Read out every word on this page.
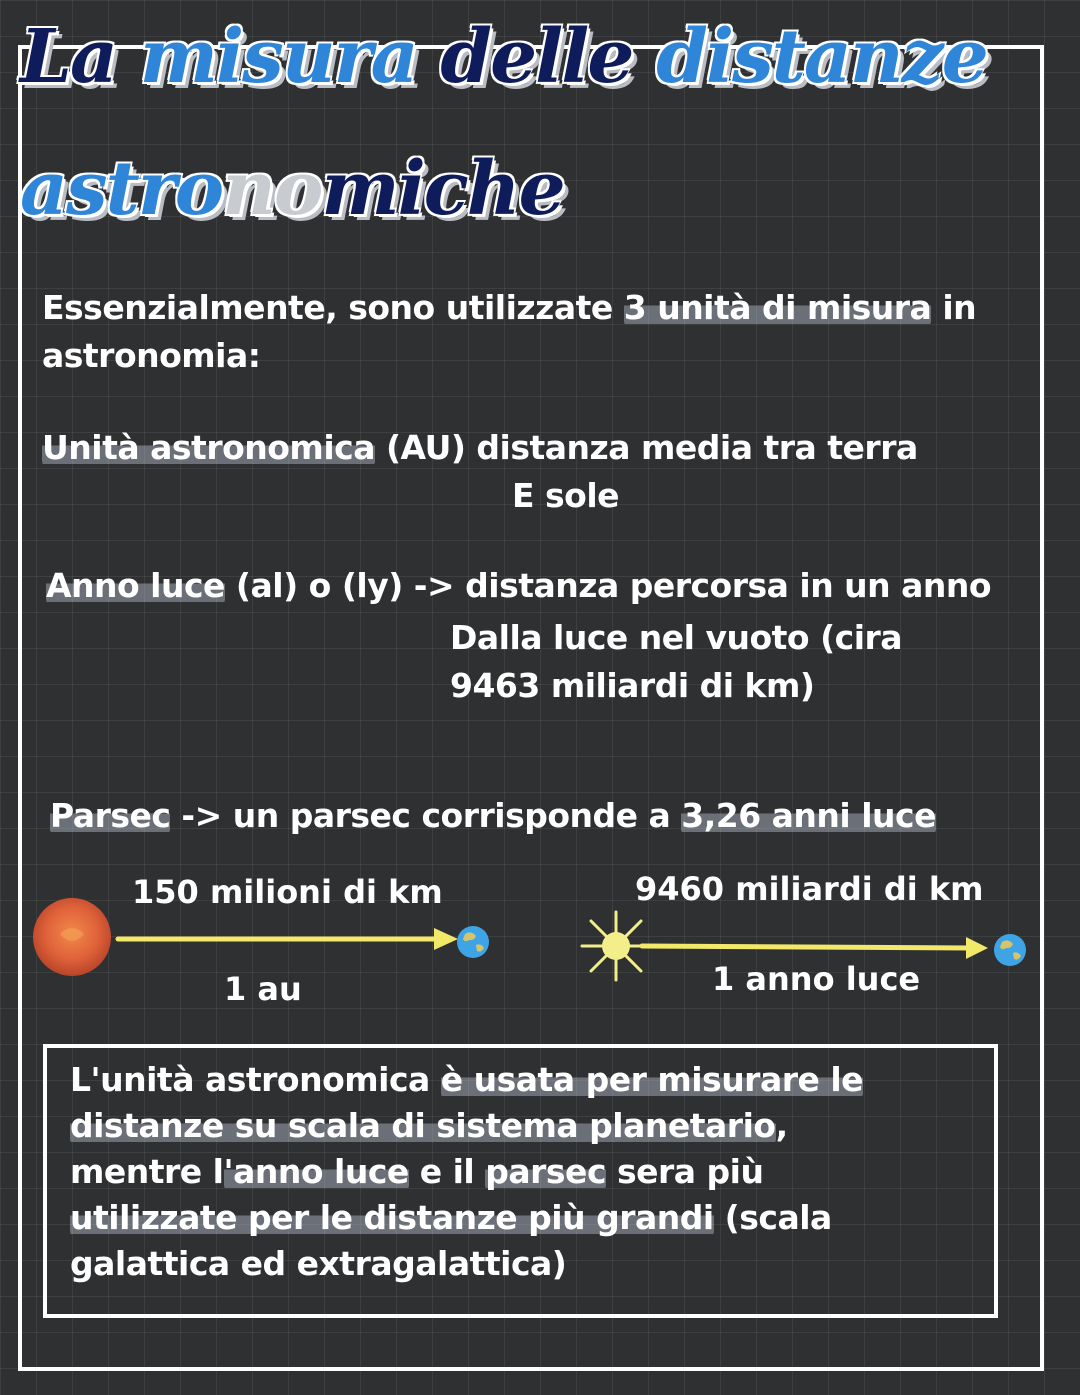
La misura delle distanze
astronomiche

Essenzialmente, sono utilizzate 3 unità di misura in

astronomia:

Unità astronomica (AU) distanza media tra terra

E sole

Anno luce (al) o (ly) -> distanza percorsa in un anno

Dalla luce nel vuoto (cira

9463 miliardi di km)

Parsec -> un parsec corrisponde a 3,26 anni luce

150 milioni di km

1 au

9460 miliardi di km

1 anno luce

L'unità astronomica è usata per misurare le
distanze su scala di sistema planetario,
mentre l'anno luce e il parsec sera più
utilizzate per le distanze più grandi (scala
galattica ed extragalattica)
